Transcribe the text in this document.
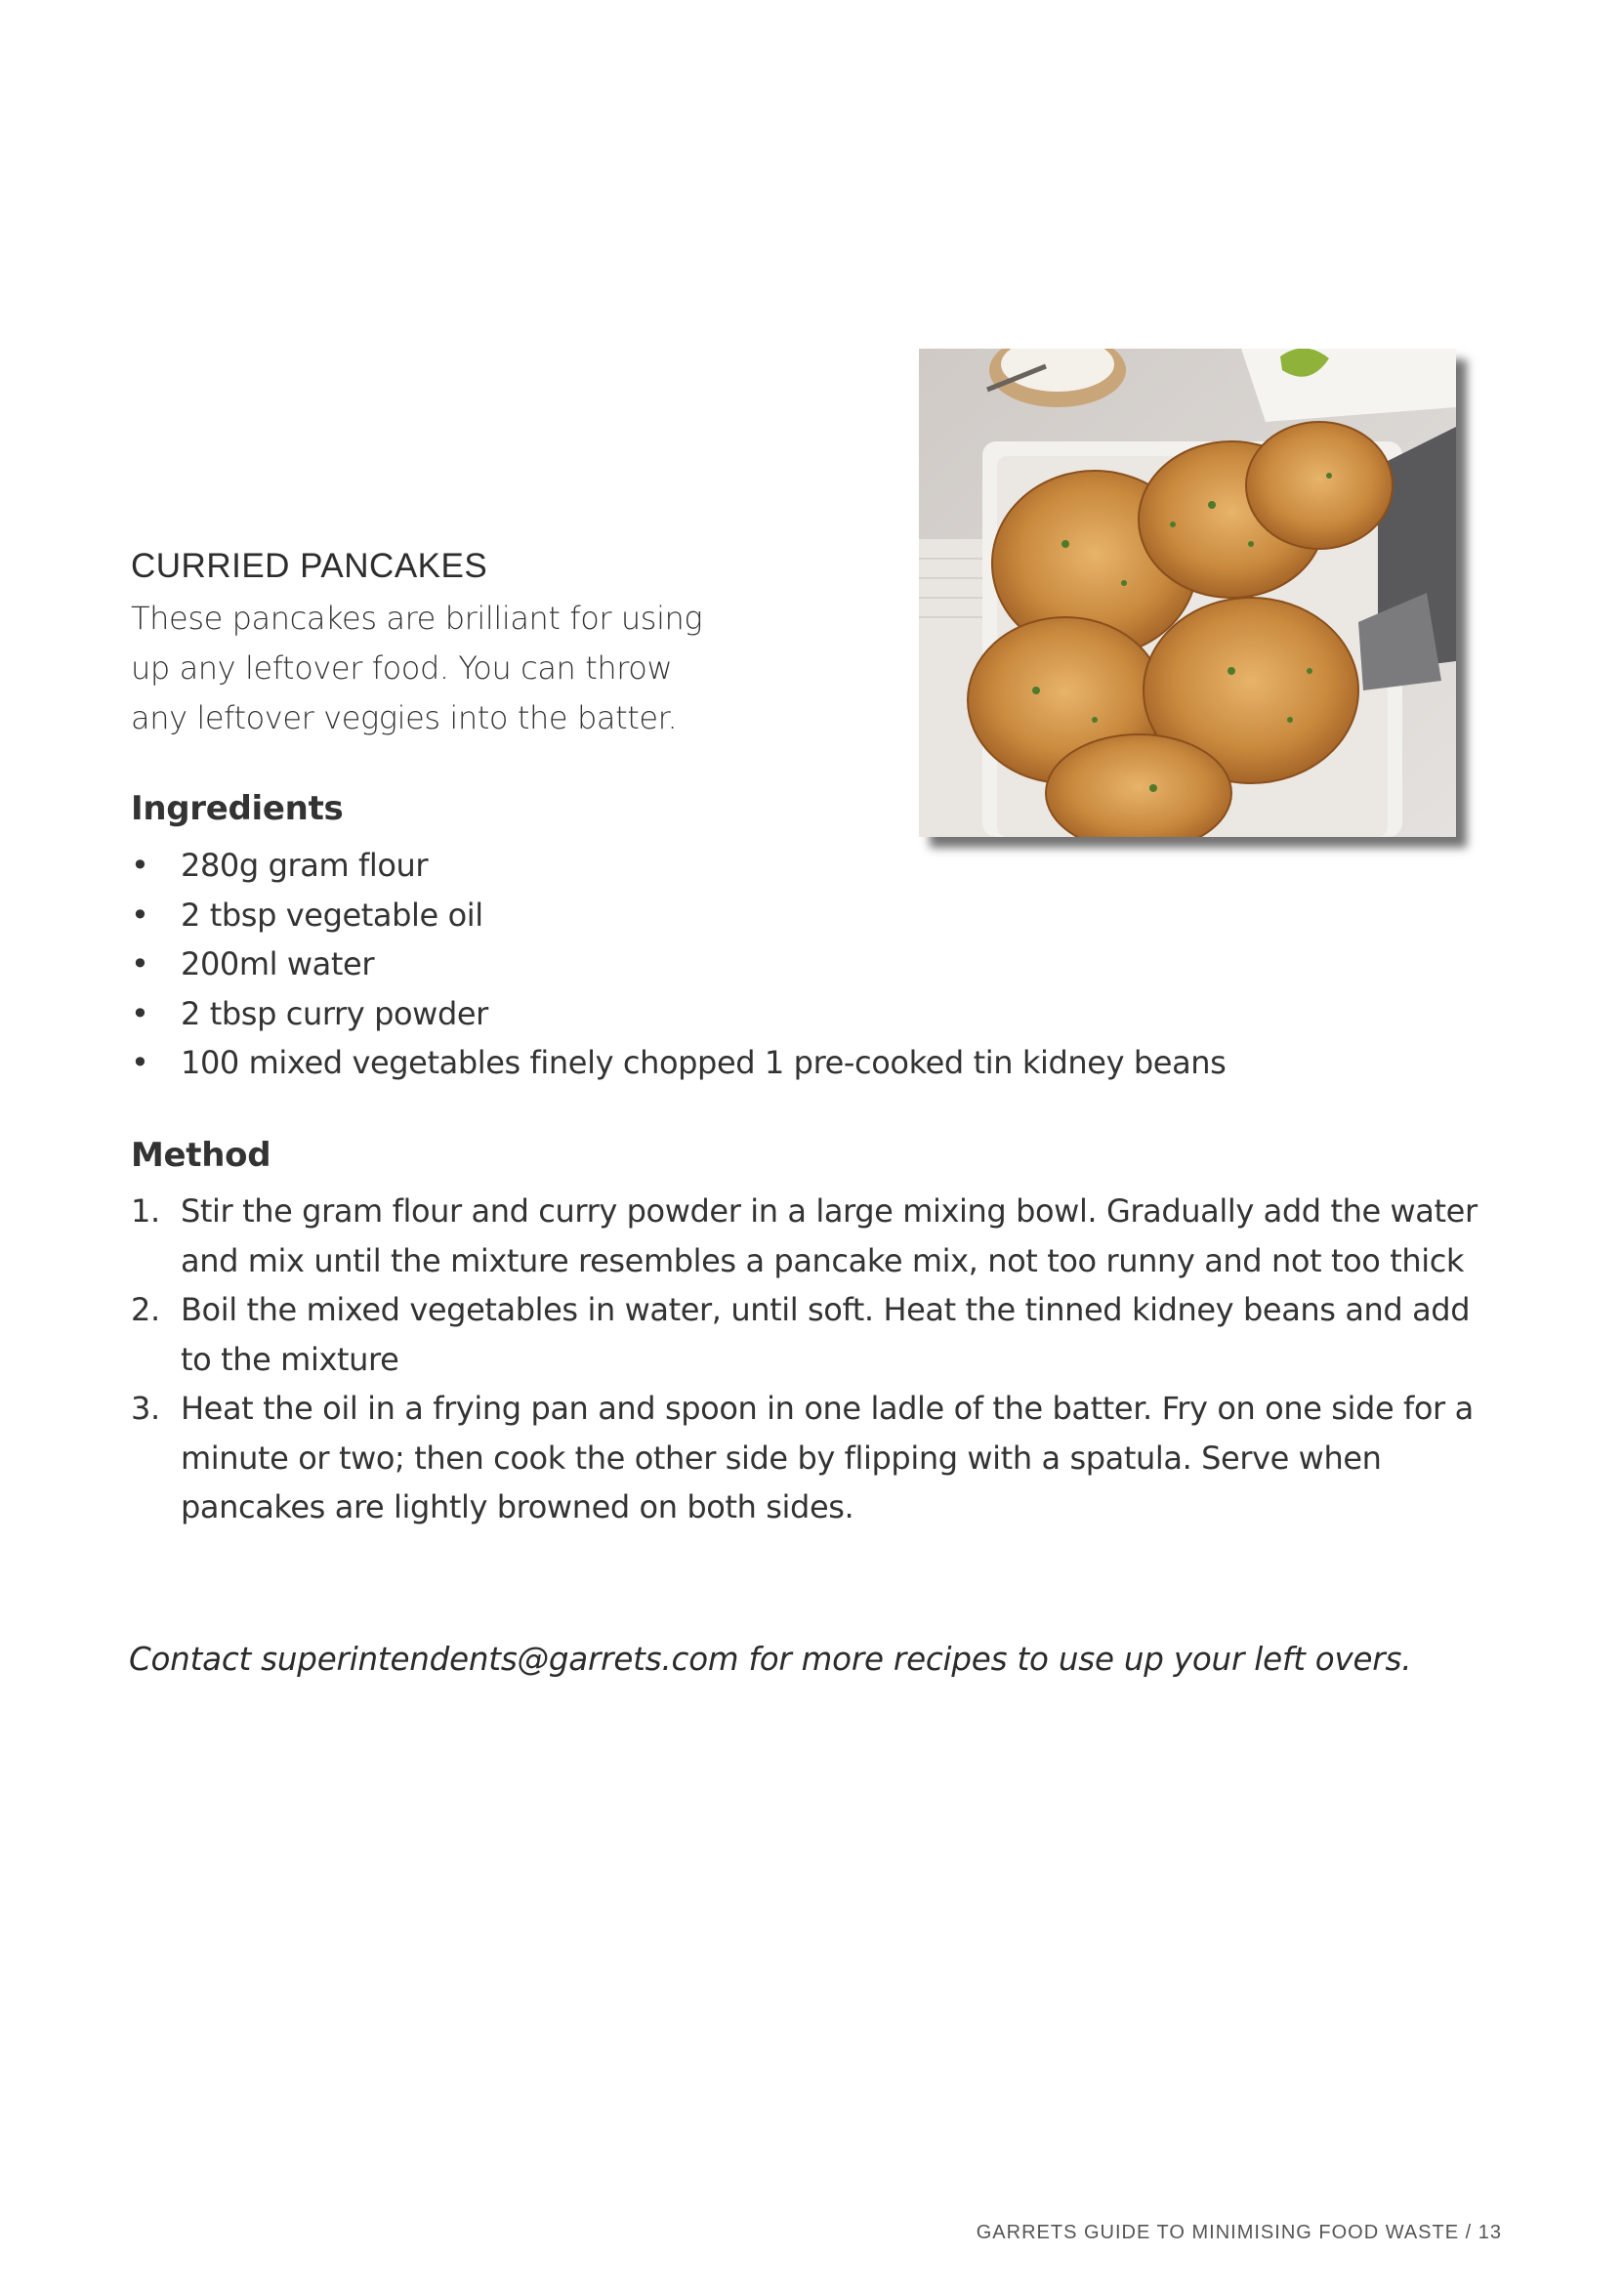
CURRIED PANCAKES

These pancakes are brilliant for using up any leftover food. You can throw any leftover veggies into the batter.

Ingredients
• 280g gram flour
• 2 tbsp vegetable oil
• 200ml water
• 2 tbsp curry powder
• 100 mixed vegetables finely chopped 1 pre-cooked tin kidney beans
Method
1. Stir the gram flour and curry powder in a large mixing bowl. Gradually add the water and mix until the mixture resembles a pancake mix, not too runny and not too thick
2. Boil the mixed vegetables in water, until soft. Heat the tinned kidney beans and add to the mixture
3. Heat the oil in a frying pan and spoon in one ladle of the batter. Fry on one side for a minute or two; then cook the other side by flipping with a spatula. Serve when pancakes are lightly browned on both sides.

Contact superintendents@garrets.com for more recipes to use up your left overs.

GARRETS GUIDE TO MINIMISING FOOD WASTE / 13
